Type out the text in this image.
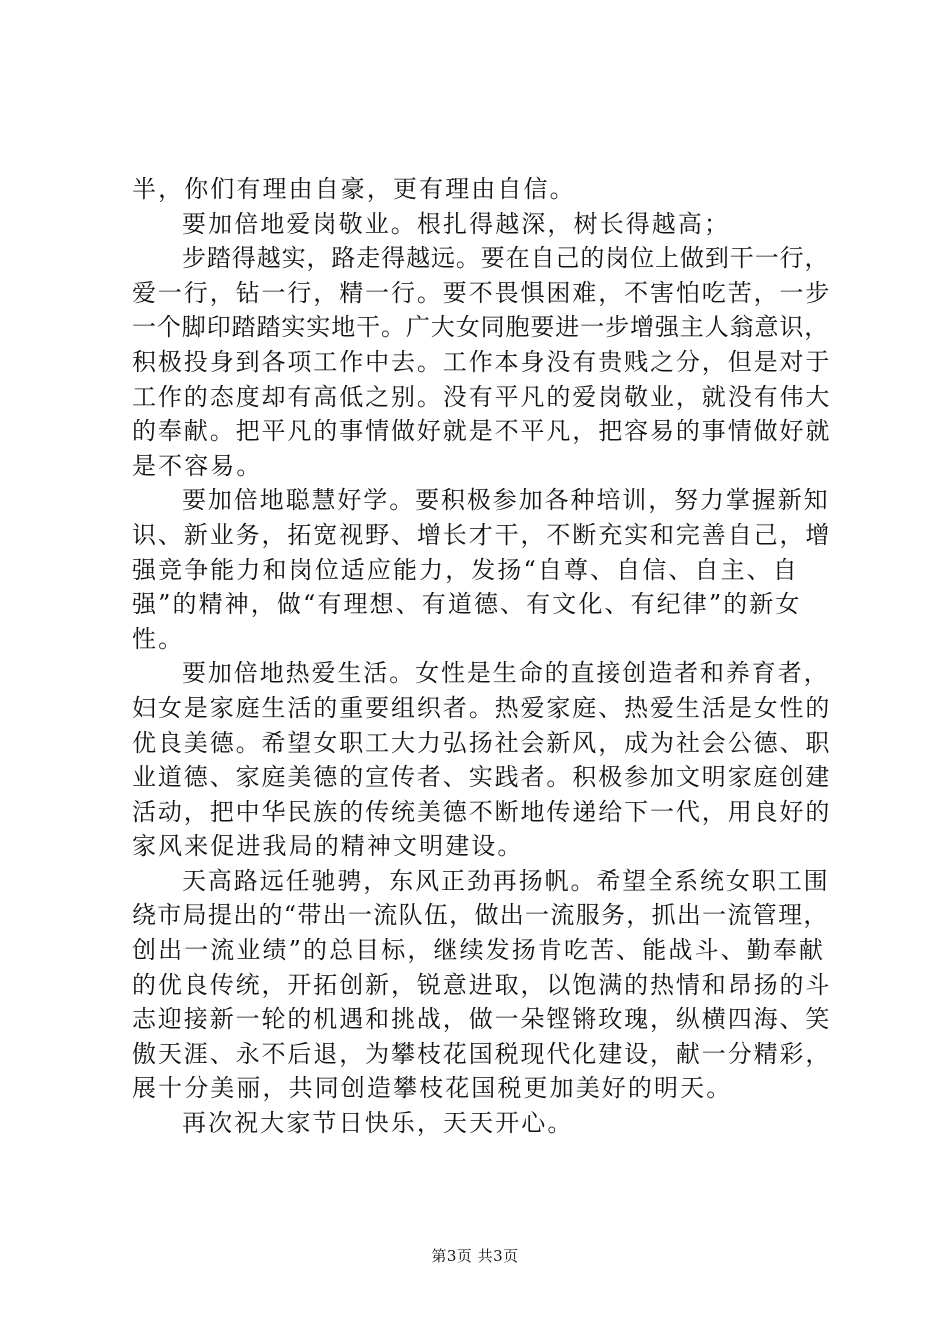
半，你们有理由自豪，更有理由自信。
要加倍地爱岗敬业。根扎得越深，树长得越高；
步踏得越实，路走得越远。要在自己的岗位上做到干一行，
爱一行，钻一行，精一行。要不畏惧困难，不害怕吃苦，一步
一个脚印踏踏实实地干。广大女同胞要进一步增强主人翁意识，
积极投身到各项工作中去。工作本身没有贵贱之分，但是对于
工作的态度却有高低之别。没有平凡的爱岗敬业，就没有伟大
的奉献。把平凡的事情做好就是不平凡，把容易的事情做好就
是不容易。
要加倍地聪慧好学。要积极参加各种培训，努力掌握新知
识、新业务，拓宽视野、增长才干，不断充实和完善自己，增
强竞争能力和岗位适应能力，发扬“自尊、自信、自主、自
强”的精神，做“有理想、有道德、有文化、有纪律”的新女
性。
要加倍地热爱生活。女性是生命的直接创造者和养育者，
妇女是家庭生活的重要组织者。热爱家庭、热爱生活是女性的
优良美德。希望女职工大力弘扬社会新风，成为社会公德、职
业道德、家庭美德的宣传者、实践者。积极参加文明家庭创建
活动，把中华民族的传统美德不断地传递给下一代，用良好的
家风来促进我局的精神文明建设。
天高路远任驰骋，东风正劲再扬帆。希望全系统女职工围
绕市局提出的“带出一流队伍，做出一流服务，抓出一流管理，
创出一流业绩”的总目标，继续发扬肯吃苦、能战斗、勤奉献
的优良传统，开拓创新，锐意进取，以饱满的热情和昂扬的斗
志迎接新一轮的机遇和挑战，做一朵铿锵玫瑰，纵横四海、笑
傲天涯、永不后退，为攀枝花国税现代化建设，献一分精彩，
展十分美丽，共同创造攀枝花国税更加美好的明天。
再次祝大家节日快乐，天天开心。
第3页 共3页
